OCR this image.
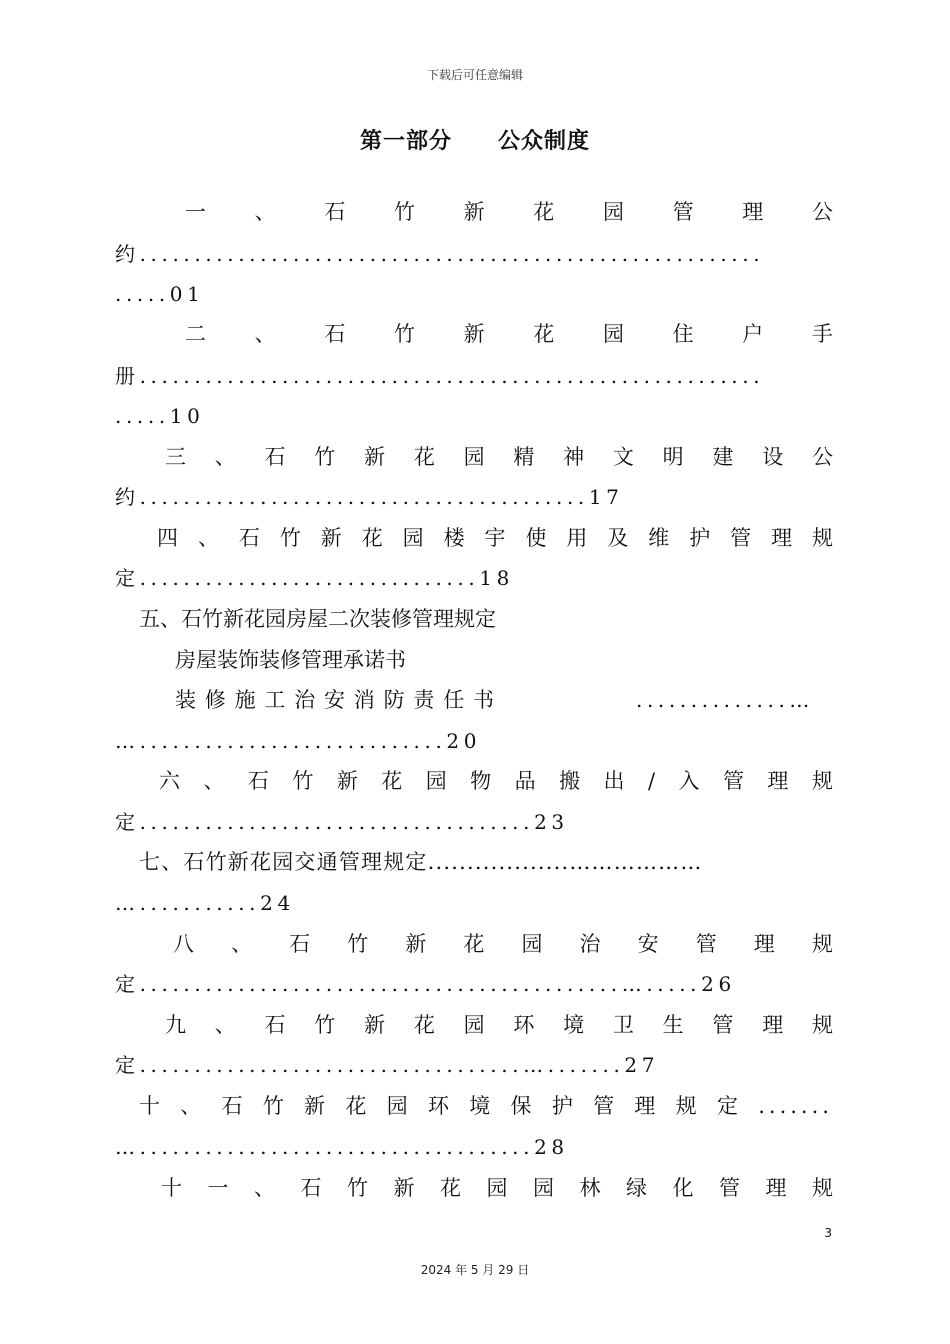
下载后可任意编辑
第一部分　　公众制度
一 、 石 竹 新 花 园 管 理 公
约.........................................................
.....01
二 、 石 竹 新 花 园 住 户 手
册.........................................................
.....10
三 、 石 竹 新 花 园 精 神 文 明 建 设 公
约.........................................17
四 、 石 竹 新 花 园 楼 宇 使 用 及 维 护 管 理 规
定...............................18
五、石竹新花园房屋二次装修管理规定
房屋装饰装修管理承诺书
装修施工治安消防责任书	..............…
…............................20
六 、 石 竹 新 花 园 物 品 搬 出 / 入 管 理 规
定....................................23
七、石竹新花园交通管理规定..................………………
…...........24
八 、 石 竹 新 花 园 治 安 管 理 规
定............................................….....26
九 、 石 竹 新 花 园 环 境 卫 生 管 理 规
定...................................….......27
十 、 石 竹 新 花 园 环 境 保 护 管 理 规 定 .......
…....................................28
十 一 、 石 竹 新 花 园 园 林 绿 化 管 理 规
3
2024 年 5 月 29 日
